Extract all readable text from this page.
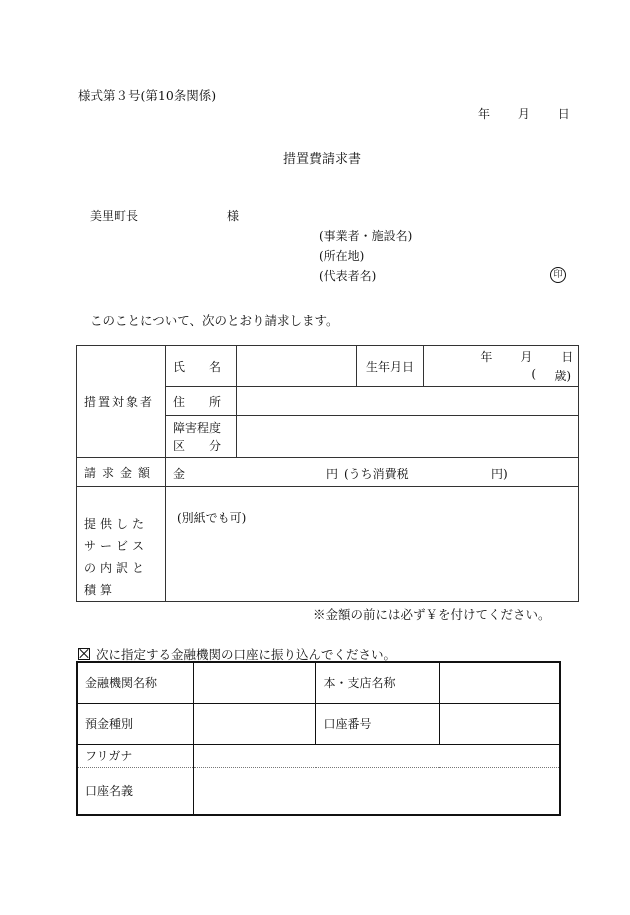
様式第３号(第10条関係)
年 月 日
措置費請求書
美里町長	様
(事業者・施設名)
(所在地)
(代表者名)	印
このことについて、次のとおり請求します。
措置対象者	氏　　名		生年月日	年 月 日
( 歳)

	住　　所			

	障害程度
区　　分			

請求金額	金 円 (うち消費税 円)			

提供したサービスの内訳と積算	(別紙でも可)			
※金額の前には必ず￥を付けてください。
次に指定する金融機関の口座に振り込んでください。
金融機関名称		本・支店名称	
預金種別		口座番号	
フリガナ			
口座名義			
